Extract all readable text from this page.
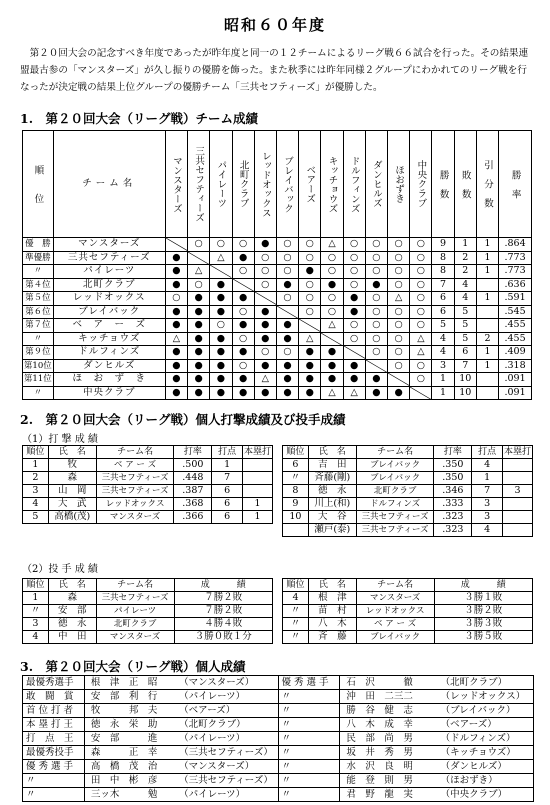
昭和６０年度
　第２０回大会の記念すべき年度であったが昨年度と同一の１２チームによるリーグ戦６６試合を行った。その結果連盟最古参の「マンスターズ」が久し振りの優勝を飾った。また秋季には昨年同様２グループにわかれてのリーグ戦を行なったが決定戦の結果上位グループの優勝チーム「三共セフティーズ」が優勝した。
1.　第２０回大会（リーグ戦）チーム成績
順　　位	チーム名	マンスターズ	三共セフティーズ	パイレーツ	北町クラブ	レッドオックス	ブレイバック	ベアーズ	キッチョウズ	ドルフィンズ	ダンヒルズ	ほおずき	中央クラブ	勝　数	敗　数	引　分　数	勝　率
優　勝	マンスターズ		○	○	○	●	○	○	△	○	○	○	○	9	1	1	.864
準優勝	三共セフティーズ	●		△	●	○	○	○	○	○	○	○	○	8	2	1	.773
〃	パイレーツ	●	△		○	○	○	●	○	○	○	○	○	8	2	1	.773
第４位	北町クラブ	●	○	●		○	●	○	●	○	●	○	○	7	4		.636
第５位	レッドオックス	○	●	●	●		○	○	○	●	○	△	○	6	4	1	.591
第６位	ブレイバック	●	●	●	○	●		○	○	●	○	○	○	6	5		.545
第７位	ベ　ア　ー　ズ	●	●	○	●	●	●		△	○	○	○	○	5	5		.455
〃	キッチョウズ	△	●	●	○	●	●	△		○	○	○	△	4	5	2	.455
第９位	ドルフィンズ	●	●	●	●	○	○	●	●		○	○	△	4	6	1	.409
第10位	ダンヒルズ	●	●	●	○	●	●	●	●	●		○	○	3	7	1	.318
第11位	ほ　お　ず　き	●	●	●	●	△	●	●	●	●	●		○	1	10		.091
〃	中央クラブ	●	●	●	●	●	●	●	△	△	●	●		1	10		.091
2.　第２０回大会（リーグ戦）個人打撃成績及び投手成績
（1）打 撃 成 績
順位	氏　名	チーム名	打率	打点	本塁打
1	牧	ベ ア ー ズ	.500	1	
2	森	三共セフティーズ	.448	7	
3	山　岡	三共セフティーズ	.387	6	
4	大　武	レッドオックス	.368	6	1
5	高橋(茂)	マンスターズ	.366	6	1
順位	氏　名	チーム名	打率	打点	本塁打
6	吉　田	ブレイバック	.350	4	
〃	斉藤(剛)	ブレイバック	.350	1	
8	徳　永	北町クラブ	.346	7	3
9	川上(和)	ドルフィンズ	.333	3	
10	大　谷	三共セフティーズ	.323	3	
	瀬戸(泰)	三共セフティーズ	.323	4	
（2）投 手 成 績
順位	氏　名	チーム名	成　　　績
1	森	三共セフティーズ	７勝２敗
〃	安　部	パイレーツ	７勝２敗
3	徳　永	北町クラブ	４勝４敗
4	中　田	マンスターズ	３勝０敗１分
順位	氏　名	チーム名	成　　　績
4	根　津	マンスターズ	３勝１敗
〃	苗　村	レッドオックス	３勝２敗
〃	八　木	ベ ア ー ズ	３勝３敗
〃	斉　藤	ブレイバック	３勝５敗
3.　第２０回大会（リーグ戦）個人成績
最優秀選手	根　津　正　昭	（マンスターズ）	優 秀 選 手	石　沢　　　徹	（北町クラブ）
敢　闘　賞	安　部　利　行	（パイレーツ）	〃	沖　田　二三二	（レッドオックス）
首 位 打 者	牧　　　邦　夫	（ベアーズ）	〃	勝　谷　健　志	（ブレイバック）
本 塁 打 王	徳　永　栄　助	（北町クラブ）	〃	八　木　成　幸	（ベアーズ）
打　点　王	安　部　　　進	（パイレーツ）	〃	民　部　尚　男	（ドルフィンズ）
最優秀投手	森　　　正　幸	（三共セフティーズ）	〃	坂　井　秀　男	（キッチョウズ）
優 秀 選 手	高　橋　茂　治	（マンスターズ）	〃	水　沢　良　明	（ダンヒルズ）
〃	田　中　彬　彦	（三共セフティーズ）	〃	能　登　則　男	（ほおずき）
〃	三ッ木　　　勉	（パイレーツ）	〃	君　野　龍　実	（中央クラブ）
